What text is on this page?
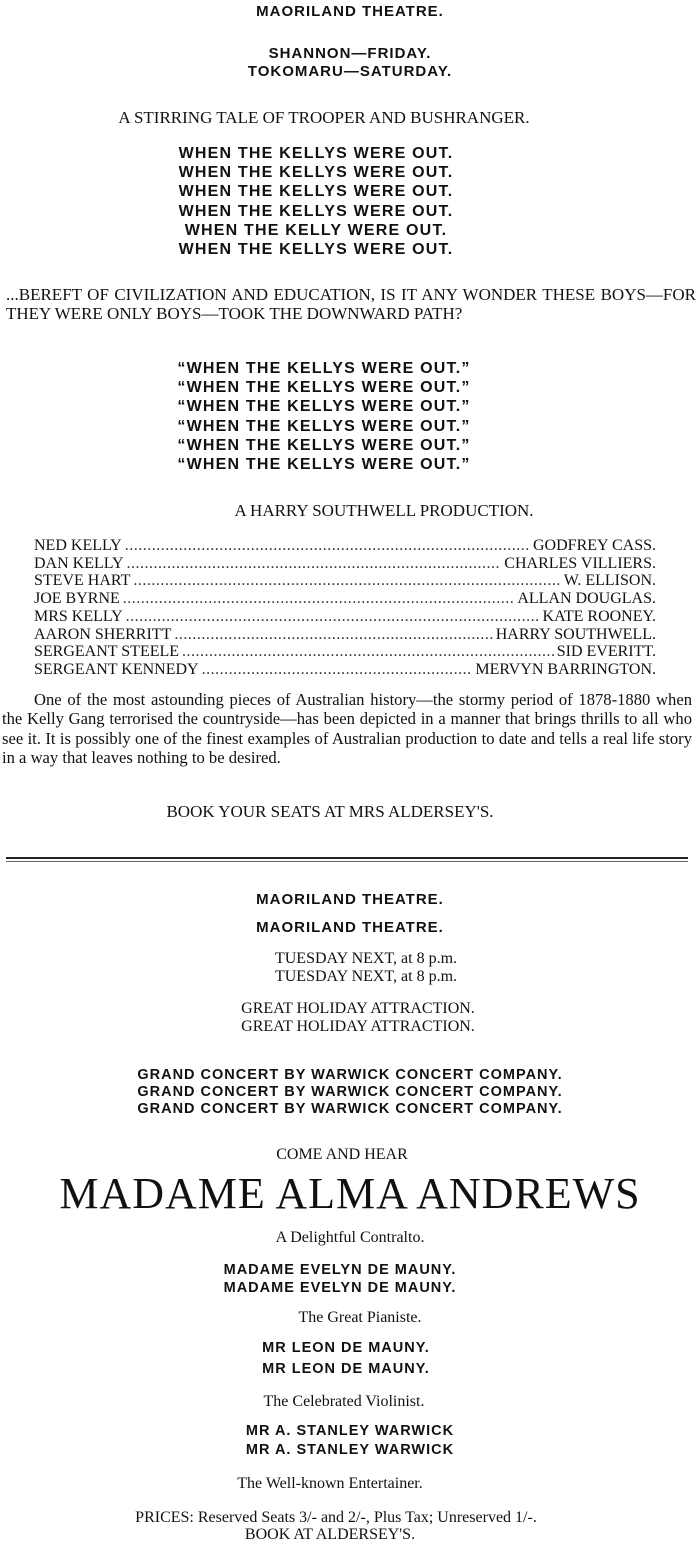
MAORILAND THEATRE.
SHANNON—FRIDAY.
TOKOMARU—SATURDAY.
A STIRRING TALE OF TROOPER AND BUSHRANGER.
WHEN THE KELLYS WERE OUT.
WHEN THE KELLYS WERE OUT.
WHEN THE KELLYS WERE OUT.
WHEN THE KELLYS WERE OUT.
WHEN THE KELLY WERE OUT.
WHEN THE KELLYS WERE OUT.
...BEREFT OF CIVILIZATION AND EDUCATION, IS IT ANY WONDER THESE BOYS—FOR THEY WERE ONLY BOYS—TOOK THE DOWNWARD PATH?
“WHEN THE KELLYS WERE OUT.”
“WHEN THE KELLYS WERE OUT.”
“WHEN THE KELLYS WERE OUT.”
“WHEN THE KELLYS WERE OUT.”
“WHEN THE KELLYS WERE OUT.”
“WHEN THE KELLYS WERE OUT.”
A HARRY SOUTHWELL PRODUCTION.
NED KELLY .....	GODFREY CASS.
DAN KELLY .....	CHARLES VILLIERS.
STEVE HART .....	W. ELLISON.
JOE BYRNE .....	ALLAN DOUGLAS.
MRS KELLY .....	KATE ROONEY.
AARON SHERRITT .....	HARRY SOUTHWELL.
SERGEANT STEELE .....	SID EVERITT.
SERGEANT KENNEDY .....	MERVYN BARRINGTON.
One of the most astounding pieces of Australian history—the stormy period of 1878-1880 when the Kelly Gang terrorised the countryside—has been depicted in a manner that brings thrills to all who see it. It is possibly one of the finest examples of Australian production to date and tells a real life story in a way that leaves nothing to be desired.
BOOK YOUR SEATS AT MRS ALDERSEY'S.
MAORILAND THEATRE.
MAORILAND THEATRE.
TUESDAY NEXT, at 8 p.m.
TUESDAY NEXT, at 8 p.m.
GREAT HOLIDAY ATTRACTION.
GREAT HOLIDAY ATTRACTION.
GRAND CONCERT BY WARWICK CONCERT COMPANY.
GRAND CONCERT BY WARWICK CONCERT COMPANY.
GRAND CONCERT BY WARWICK CONCERT COMPANY.
COME AND HEAR
MADAME ALMA ANDREWS
A Delightful Contralto.
MADAME EVELYN DE MAUNY.
MADAME EVELYN DE MAUNY.
The Great Pianiste.
MR LEON DE MAUNY.
MR LEON DE MAUNY.
The Celebrated Violinist.
MR A. STANLEY WARWICK
MR A. STANLEY WARWICK
The Well-known Entertainer.
PRICES: Reserved Seats 3/- and 2/-, Plus Tax; Unreserved 1/-.
BOOK AT ALDERSEY'S.
